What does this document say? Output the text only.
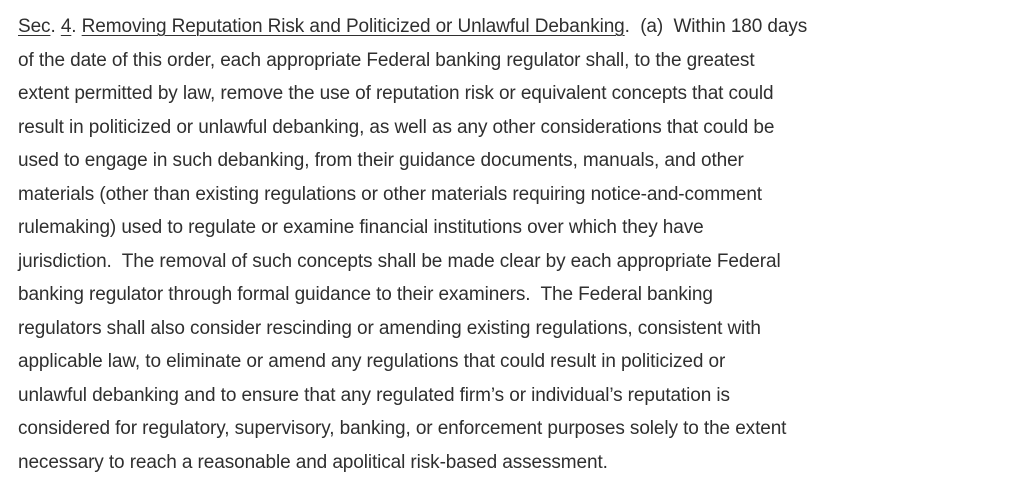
Sec. 4. Removing Reputation Risk and Politicized or Unlawful Debanking.  (a)  Within 180 days
of the date of this order, each appropriate Federal banking regulator shall, to the greatest
extent permitted by law, remove the use of reputation risk or equivalent concepts that could
result in politicized or unlawful debanking, as well as any other considerations that could be
used to engage in such debanking, from their guidance documents, manuals, and other
materials (other than existing regulations or other materials requiring notice-and-comment
rulemaking) used to regulate or examine financial institutions over which they have
jurisdiction.  The removal of such concepts shall be made clear by each appropriate Federal
banking regulator through formal guidance to their examiners.  The Federal banking
regulators shall also consider rescinding or amending existing regulations, consistent with
applicable law, to eliminate or amend any regulations that could result in politicized or
unlawful debanking and to ensure that any regulated firm’s or individual’s reputation is
considered for regulatory, supervisory, banking, or enforcement purposes solely to the extent
necessary to reach a reasonable and apolitical risk-based assessment.
